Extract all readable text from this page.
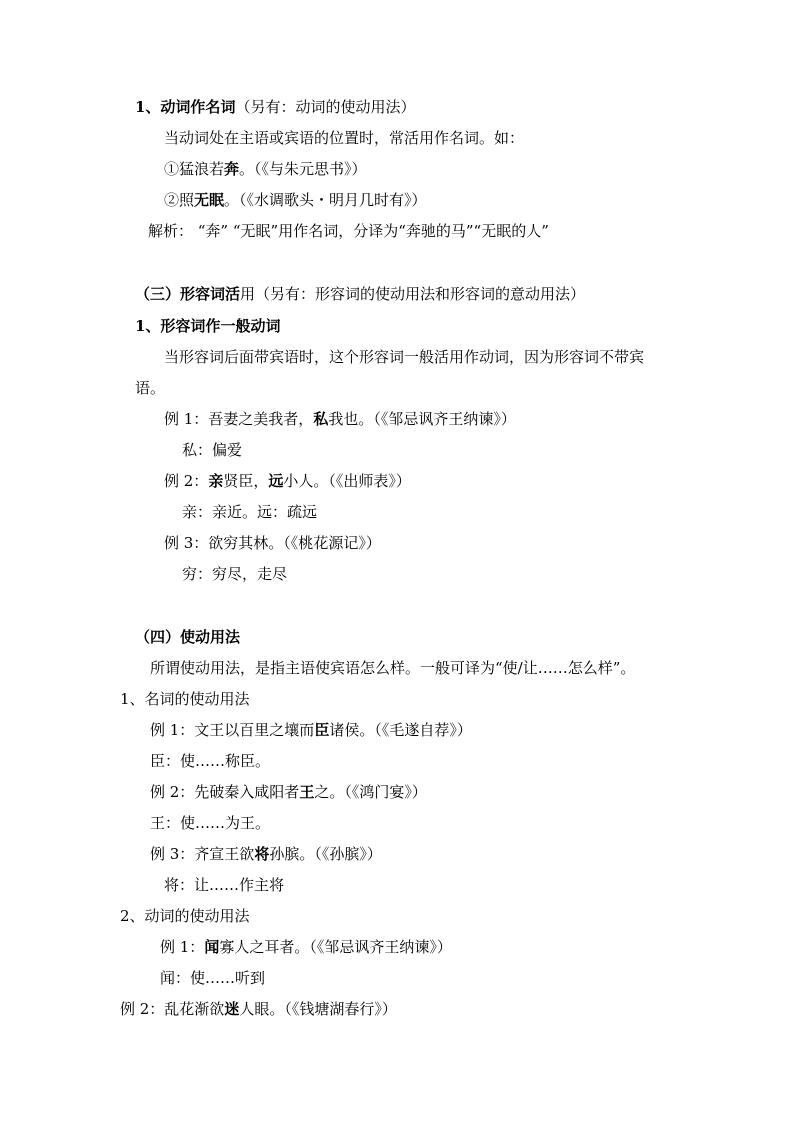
1、动词作名词（另有：动词的使动用法）
当动词处在主语或宾语的位置时，常活用作名词。如：
①猛浪若奔。（《与朱元思书》）
②照无眠。（《水调歌头・明月几时有》）
解析： “奔” “无眠”用作名词，分译为“奔驰的马”“无眠的人”
（三）形容词活用（另有：形容词的使动用法和形容词的意动用法）
1、形容词作一般动词
当形容词后面带宾语时，这个形容词一般活用作动词，因为形容词不带宾
语。
例 1：吾妻之美我者，私我也。（《邹忌讽齐王纳谏》）
私：偏爱
例 2：亲贤臣，远小人。（《出师表》）
亲：亲近。远：疏远
例 3：欲穷其林。（《桃花源记》）
穷：穷尽，走尽
（四）使动用法
所谓使动用法，是指主语使宾语怎么样。一般可译为“使/让……怎么样”。
1、名词的使动用法
例 1：文王以百里之壤而臣诸侯。（《毛遂自荐》）
臣：使……称臣。
例 2：先破秦入咸阳者王之。（《鸿门宴》）
王：使……为王。
例 3：齐宣王欲将孙膑。（《孙膑》）
将：让……作主将
2、动词的使动用法
例 1：闻寡人之耳者。（《邹忌讽齐王纳谏》）
闻：使……听到
例 2：乱花渐欲迷人眼。（《钱塘湖春行》）
